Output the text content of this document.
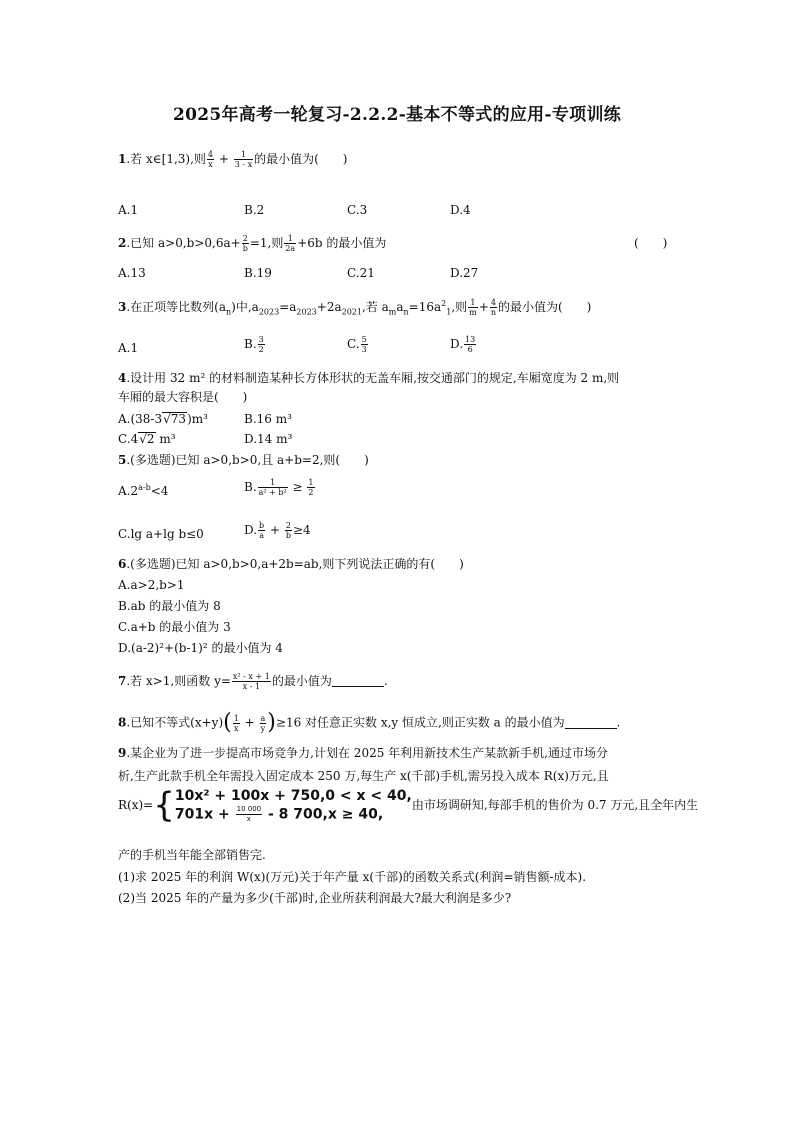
2025年高考一轮复习-2.2.2-基本不等式的应用-专项训练
1.若 x∈[1,3),则 $\frac{4}{x} + \frac{1}{3 - x}$ 的最小值为(　　)
A.1	B.2	C.3	D.4
2.已知 $a>0,b>0,6a+ \frac{2}{b} =1$,则 $\frac{1}{2a} +6b$ 的最小值为	(　　)
A.13	B.19	C.21	D.27
3.在正项等比数列$(a_n)$中$,a_{2023}=a_{2023}+2a_{2021}$,若 $a_ma_n=16a^2_1$,则 $\frac{1}{m} + \frac{4}{n}$ 的最小值为(　　)
A.1	B. $\frac{3}{2}$	C. $\frac{5}{3}$	D. $\frac{13}{6}$
4.设计用 32 m² 的材料制造某种长方体形状的无盖车厢,按交通部门的规定,车厢宽度为 2 m,则
车厢的最大容积是(　　)
A.(38-3√73)m³	B.16 m³
C.4√2 m³	D.14 m³
5.(多选题)已知 a>0,b>0,且 a+b=2,则(　　)
$A.2^{a-b}<4$	B. $\frac{1}{\text{a² + b²}} \ge \frac{1}{2}$
C.lg a+lg b≤0	D. $\frac{b}{a} + \frac{2}{b} \ge 4$
6.(多选题)已知 a>0,b>0,a+2b=ab,则下列说法正确的有(　　)
A.a>2,b>1
B.ab 的最小值为 8
C.a+b 的最小值为 3
D.(a-2)²+(b-1)² 的最小值为 4
7.若 x>1,则函数 $y= \frac{\text{x² - x + 1}}{x - 1}$ 的最小值为	.
8.已知不等式$(x+y)( \frac{1}{x} + \frac{a}{y} )\ge 16$ 对任意正实数 x,y 恒成立,则正实数 a 的最小值为	.
9.某企业为了进一步提高市场竞争力,计划在 2025 年利用新技术生产某款新手机,通过市场分
析,生产此款手机全年需投入固定成本 250 万,每生产 x(千部)手机,需另投入成本 R(x)万元,且
R(x)={ 10x² + 100x + 750,0 < x < 40,
$701x + \frac{10 000}{x} - 8$ 700,x ≥ 40,
由市场调研知,每部手机的售价为 0.7 万元,且全年内生
产的手机当年能全部销售完.
(1)求 2025 年的利润 W(x)(万元)关于年产量 x(千部)的函数关系式(利润=销售额-成本).
(2)当 2025 年的产量为多少(千部)时,企业所获利润最大?最大利润是多少?
